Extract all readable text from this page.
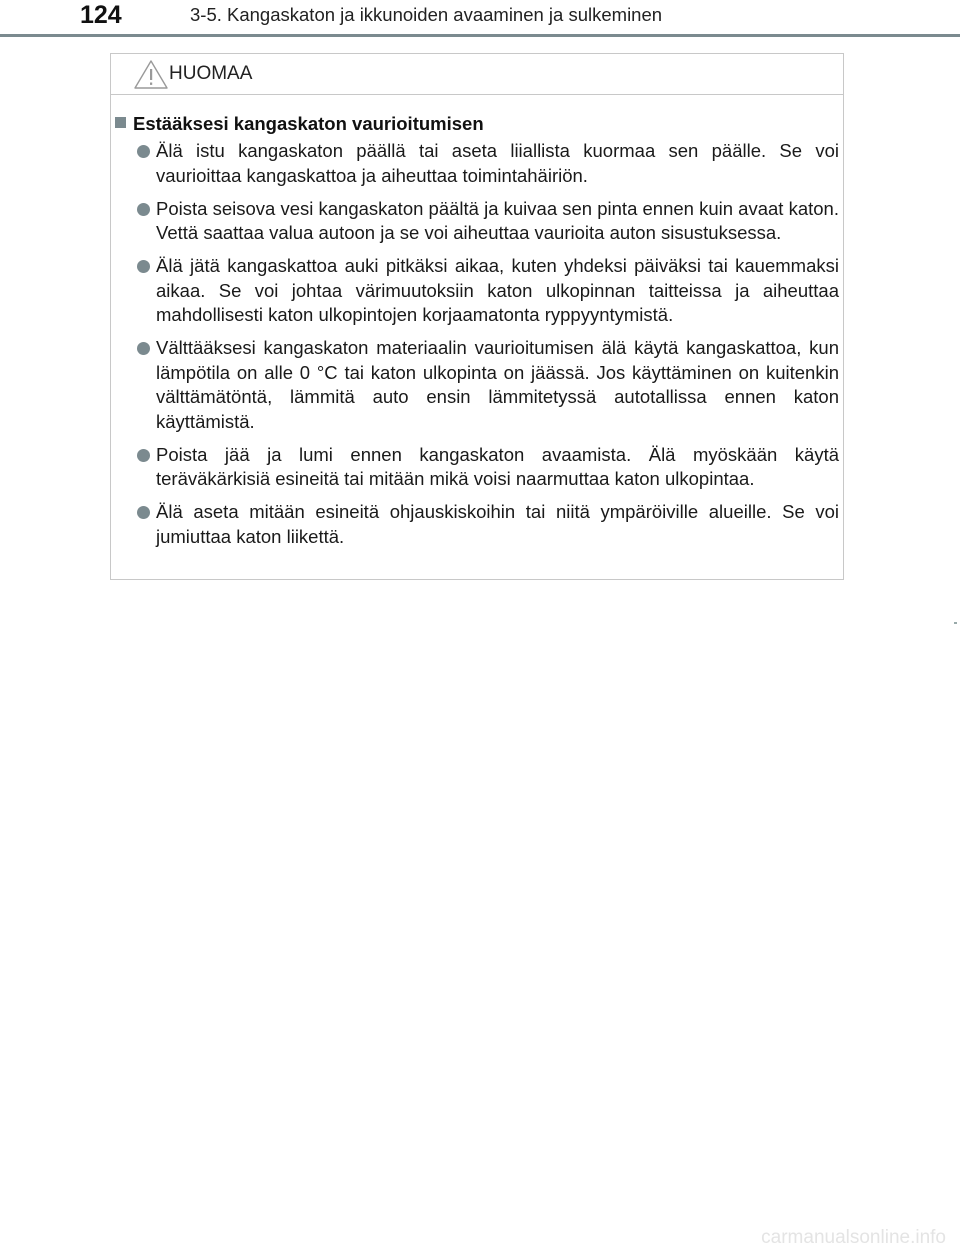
124	3-5. Kangaskaton ja ikkunoiden avaaminen ja sulkeminen
HUOMAA
Estääksesi kangaskaton vaurioitumisen
Älä istu kangaskaton päällä tai aseta liiallista kuormaa sen päälle. Se voi vaurioittaa kangaskattoa ja aiheuttaa toimintahäiriön.
Poista seisova vesi kangaskaton päältä ja kuivaa sen pinta ennen kuin avaat katon. Vettä saattaa valua autoon ja se voi aiheuttaa vaurioita auton sisustuksessa.
Älä jätä kangaskattoa auki pitkäksi aikaa, kuten yhdeksi päiväksi tai kauemmaksi aikaa. Se voi johtaa värimuutoksiin katon ulkopinnan taitteissa ja aiheuttaa mahdollisesti katon ulkopintojen korjaamatonta ryppyyntymistä.
Välttääksesi kangaskaton materiaalin vaurioitumisen älä käytä kangaskattoa, kun lämpötila on alle 0 °C tai katon ulkopinta on jäässä. Jos käyttäminen on kuitenkin välttämätöntä, lämmitä auto ensin lämmitetyssä autotallissa ennen katon käyttämistä.
Poista jää ja lumi ennen kangaskaton avaamista. Älä myöskään käytä teräväkärkisiä esineitä tai mitään mikä voisi naarmuttaa katon ulkopintaa.
Älä aseta mitään esineitä ohjauskiskoihin tai niitä ympäröiville alueille. Se voi jumiuttaa katon liikettä.
carmanualsonline.info
